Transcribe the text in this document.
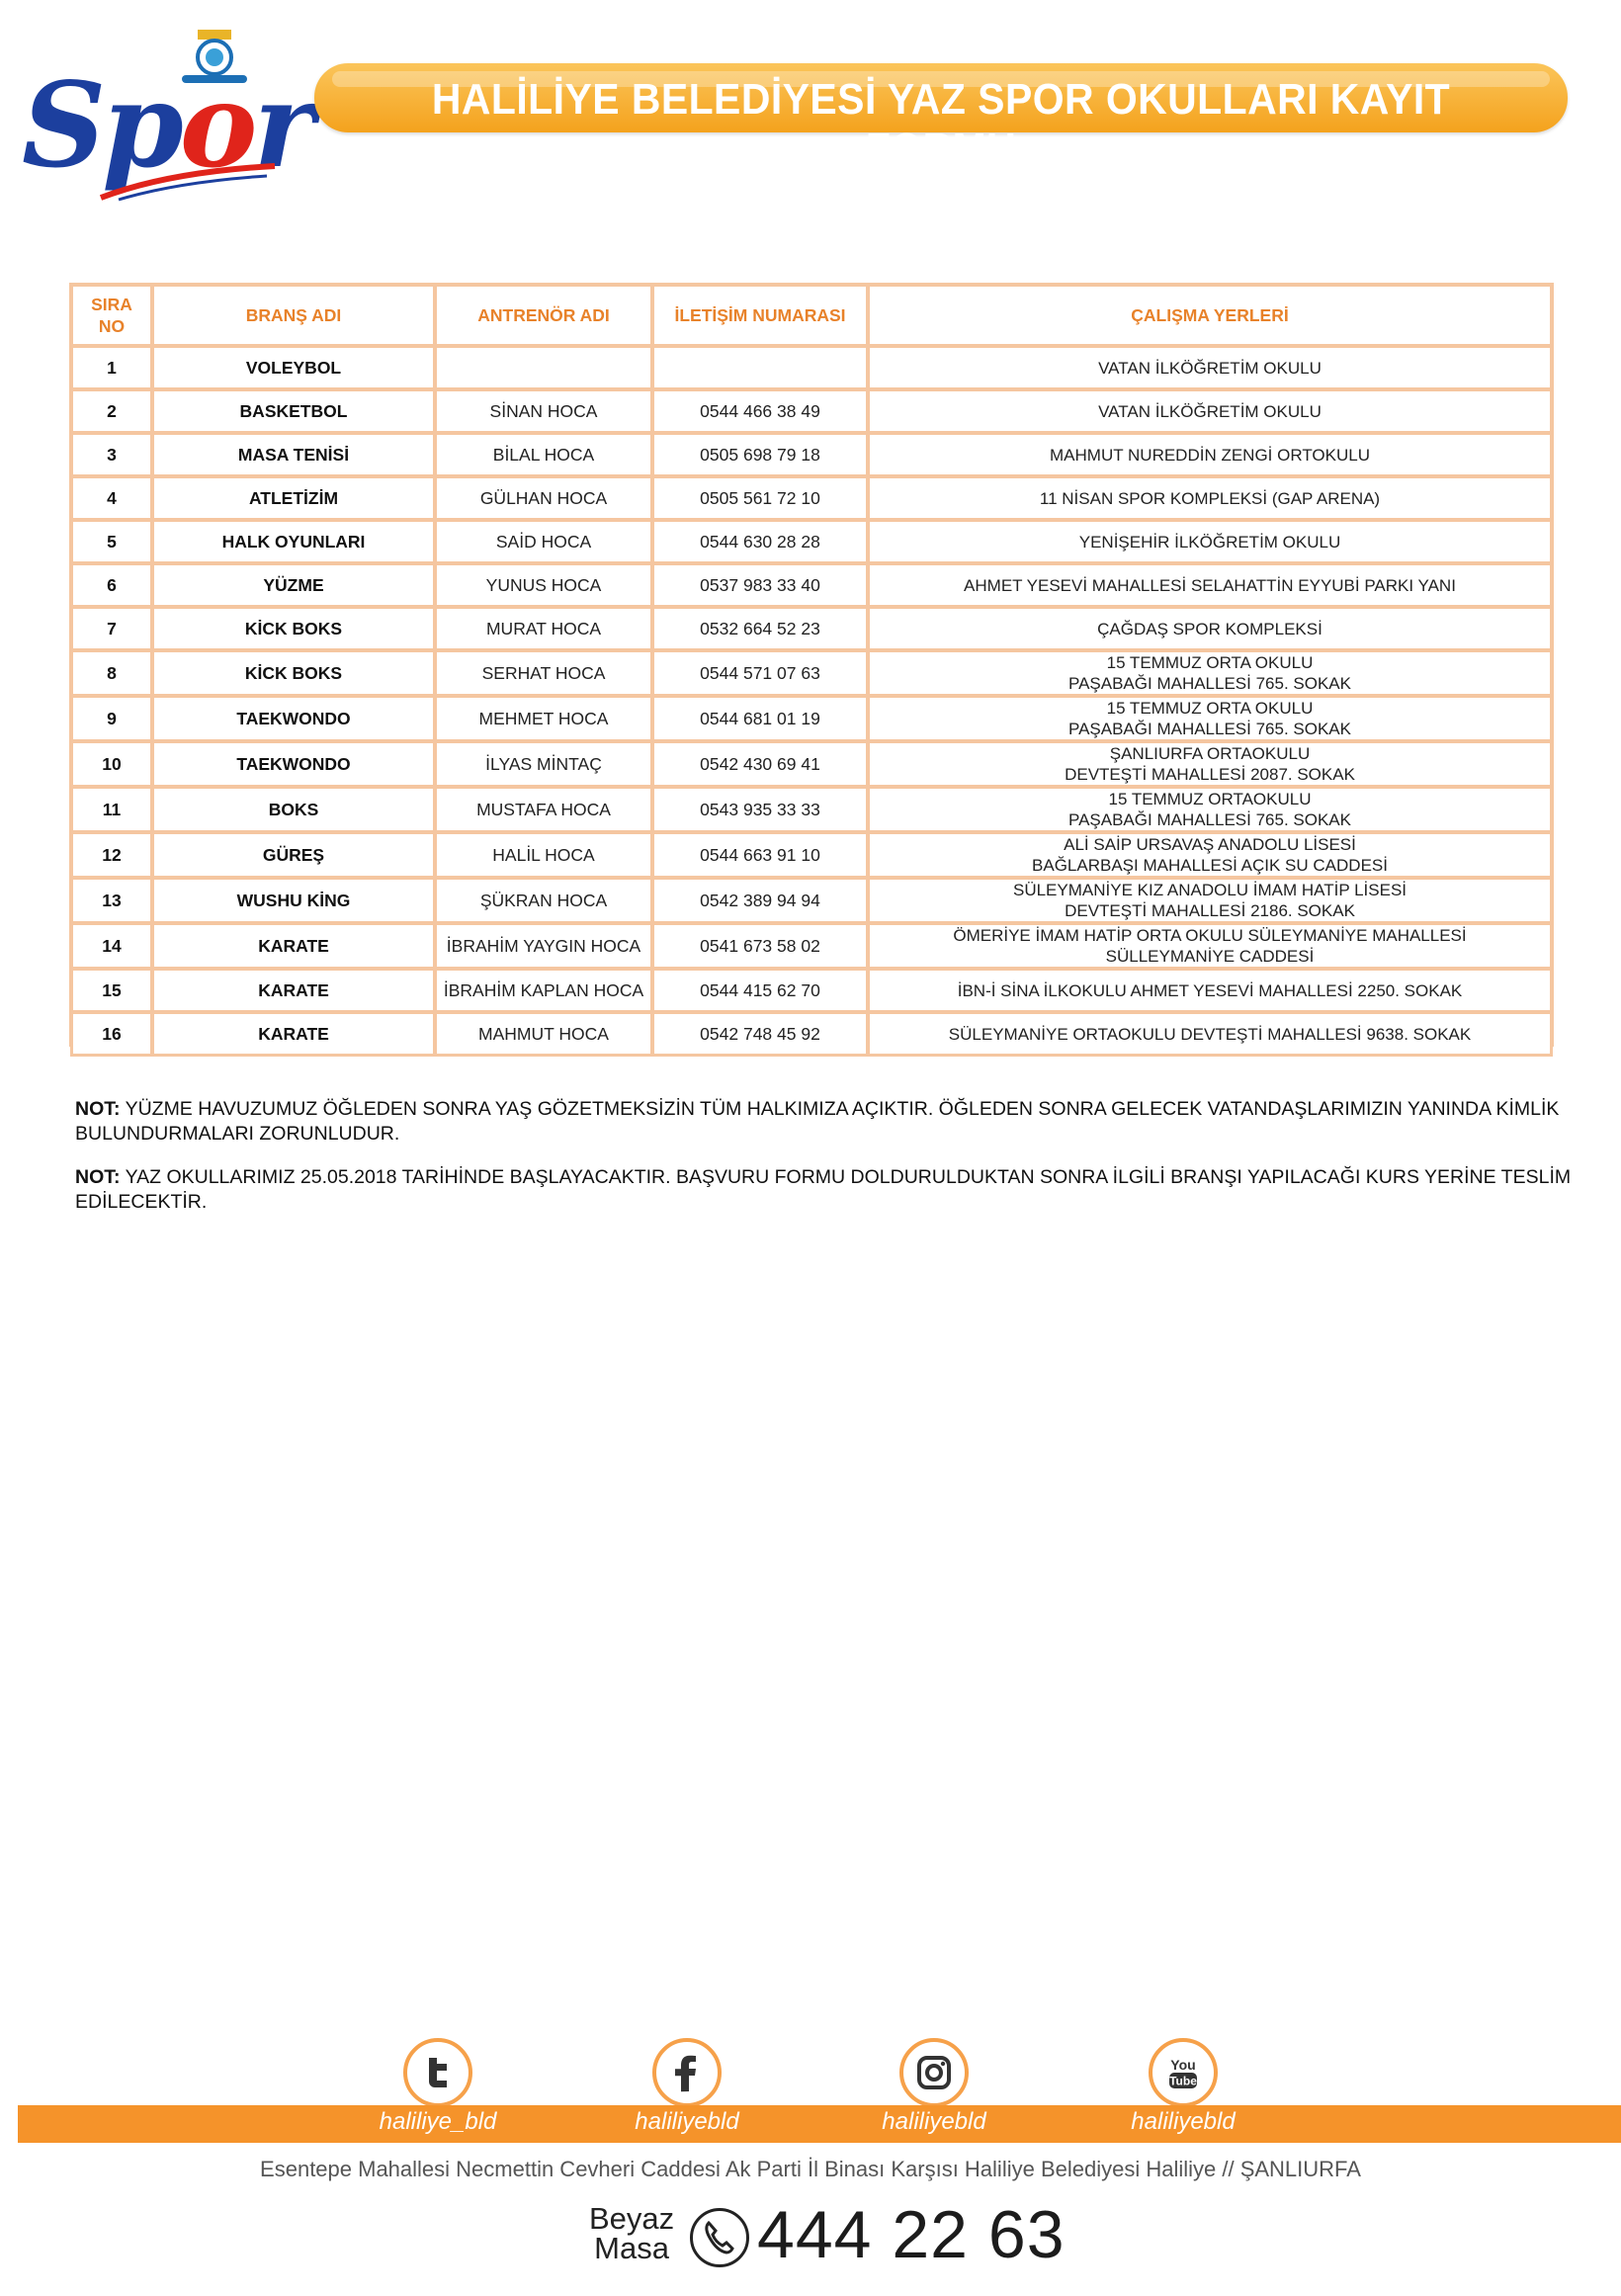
Spor	HALİLİYE BELEDİYESİ YAZ SPOR OKULLARI KAYIT FORMU
SIRA NO	BRANŞ ADI	ANTRENÖR ADI	İLETİŞİM NUMARASI	ÇALIŞMA YERLERİ
1	VOLEYBOL			VATAN İLKÖĞRETİM OKULU

2	BASKETBOL	SİNAN HOCA	0544 466 38 49	VATAN İLKÖĞRETİM OKULU

3	MASA TENİSİ	BİLAL HOCA	0505 698 79 18	MAHMUT NUREDDİN ZENGİ ORTOKULU

4	ATLETİZİM	GÜLHAN HOCA	0505 561 72 10	11 NİSAN SPOR KOMPLEKSİ (GAP ARENA)

5	HALK OYUNLARI	SAİD HOCA	0544 630 28 28	YENİŞEHİR İLKÖĞRETİM OKULU

6	YÜZME	YUNUS HOCA	0537 983 33 40	AHMET YESEVİ MAHALLESİ SELAHATTİN EYYUBİ PARKI YANI

7	KİCK BOKS	MURAT HOCA	0532 664 52 23	ÇAĞDAŞ SPOR KOMPLEKSİ

8	KİCK BOKS	SERHAT HOCA	0544 571 07 63	15 TEMMUZ ORTA OKULU
PAŞABAĞI MAHALLESİ 765. SOKAK

9	TAEKWONDO	MEHMET HOCA	0544 681 01 19	15 TEMMUZ ORTA OKULU
PAŞABAĞI MAHALLESİ 765. SOKAK

10	TAEKWONDO	İLYAS MİNTAÇ	0542 430 69 41	ŞANLIURFA ORTAOKULU
DEVTEŞTİ MAHALLESİ 2087. SOKAK

11	BOKS	MUSTAFA HOCA	0543 935 33 33	15 TEMMUZ ORTAOKULU
PAŞABAĞI MAHALLESİ 765. SOKAK

12	GÜREŞ	HALİL HOCA	0544 663 91 10	ALİ SAİP URSAVAŞ ANADOLU LİSESİ
BAĞLARBAŞI MAHALLESİ AÇIK SU CADDESİ

13	WUSHU KİNG	ŞÜKRAN HOCA	0542 389 94 94	SÜLEYMANİYE KIZ ANADOLU İMAM HATİP LİSESİ
DEVTEŞTİ MAHALLESİ 2186. SOKAK

14	KARATE	İBRAHİM YAYGIN HOCA	0541 673 58 02	ÖMERİYE İMAM HATİP ORTA OKULU SÜLEYMANİYE MAHALLESİ
SÜLLEYMANİYE CADDESİ

15	KARATE	İBRAHİM KAPLAN HOCA	0544 415 62 70	İBN-İ SİNA İLKOKULU AHMET YESEVİ MAHALLESİ 2250. SOKAK

16	KARATE	MAHMUT HOCA	0542 748 45 92	SÜLEYMANİYE ORTAOKULU DEVTEŞTİ MAHALLESİ 9638. SOKAK

NOT: YÜZME HAVUZUMUZ ÖĞLEDEN SONRA YAŞ GÖZETMEKSİZİN TÜM HALKIMIZA AÇIKTIR. ÖĞLEDEN SONRA GELECEK VATANDAŞLARIMIZIN YANINDA KİMLİK BULUNDURMALARI ZORUNLUDUR.

NOT: YAZ OKULLARIMIZ 25.05.2018 TARİHİNDE BAŞLAYACAKTIR. BAŞVURU FORMU DOLDURULDUKTAN SONRA İLGİLİ BRANŞI YAPILACAĞI KURS YERİNE TESLİM EDİLECEKTİR.

You
Tube
haliliye_bld	haliliyebld	haliliyebld	haliliyebld
Esentepe Mahallesi Necmettin Cevheri Caddesi Ak Parti İl Binası Karşısı Haliliye Belediyesi Haliliye // ŞANLIURFA
Beyaz
Masa 444 22 63
